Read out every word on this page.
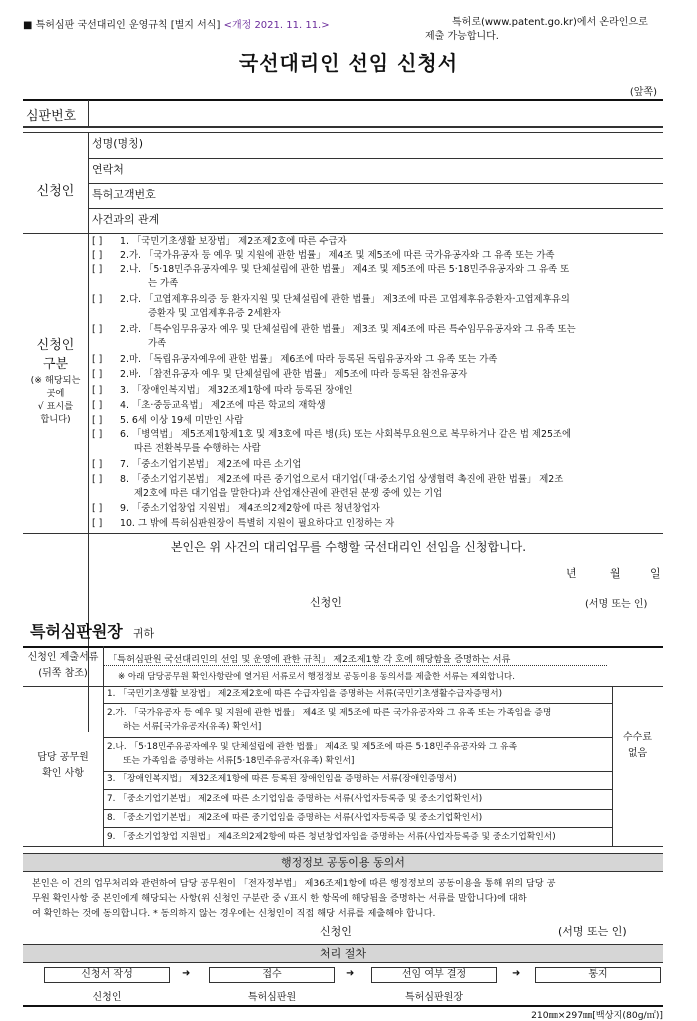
■ 특허심판 국선대리인 운영규칙 [별지 서식] <개정 2021. 11. 11.>	특허로(www.patent.go.kr)에서 온라인으로
제출 가능합니다.
국선대리인 선임 신청서
(앞쪽)
심판번호
신청인
성명(명칭)
연락처
특허고객번호
사건과의 관계
신청인
구분
(※ 해당되는
곳에
√ 표시를
합니다)
[ ] 1. 「국민기초생활 보장법」 제2조제2호에 따른 수급자
[ ] 2.가. 「국가유공자 등 예우 및 지원에 관한 법률」 제4조 및 제5조에 따른 국가유공자와 그 유족 또는 가족
[ ] 2.나. 「5·18민주유공자예우 및 단체설립에 관한 법률」 제4조 및 제5조에 따른 5·18민주유공자와 그 유족 또
는 가족
[ ] 2.다. 「고엽제후유의증 등 환자지원 및 단체설립에 관한 법률」 제3조에 따른 고엽제후유증환자·고엽제후유의
증환자 및 고엽제후유증 2세환자
[ ] 2.라. 「특수임무유공자 예우 및 단체설립에 관한 법률」 제3조 및 제4조에 따른 특수임무유공자와 그 유족 또는
가족
[ ] 2.마. 「독립유공자예우에 관한 법률」 제6조에 따라 등록된 독립유공자와 그 유족 또는 가족
[ ] 2.바. 「참전유공자 예우 및 단체설립에 관한 법률」 제5조에 따라 등록된 참전유공자
[ ] 3. 「장애인복지법」 제32조제1항에 따라 등록된 장애인
[ ] 4. 「초·중등교육법」 제2조에 따른 학교의 재학생
[ ] 5. 6세 이상 19세 미만인 사람
[ ] 6. 「병역법」 제5조제1항제1호 및 제3호에 따른 병(兵) 또는 사회복무요원으로 복무하거나 같은 법 제25조에
따른 전환복무를 수행하는 사람
[ ] 7. 「중소기업기본법」 제2조에 따른 소기업
[ ] 8. 「중소기업기본법」 제2조에 따른 중기업으로서 대기업(「대·중소기업 상생협력 촉진에 관한 법률」 제2조
제2호에 따른 대기업을 말한다)과 산업재산권에 관련된 분쟁 중에 있는 기업
[ ] 9. 「중소기업창업 지원법」 제4조의2제2항에 따른 청년창업자
[ ] 10. 그 밖에 특허심판원장이 특별히 지원이 필요하다고 인정하는 자
본인은 위 사건의 대리업무를 수행할 국선대리인 선임을 신청합니다.
년	월	일
신청인	(서명 또는 인)
특허심판원장 귀하
신청인 제출서류
(뒤쪽 참조)
「특허심판원 국선대리인의 선임 및 운영에 관한 규칙」 제2조제1항 각 호에 해당함을 증명하는 서류
※ 아래 담당공무원 확인사항란에 열거된 서류로서 행정정보 공동이용 동의서를 제출한 서류는 제외합니다.
담당 공무원
확인 사항
수수료
없음
1. 「국민기초생활 보장법」 제2조제2호에 따른 수급자임을 증명하는 서류(국민기초생활수급자증명서)
2.가. 「국가유공자 등 예우 및 지원에 관한 법률」 제4조 및 제5조에 따른 국가유공자와 그 유족 또는 가족임을 증명
하는 서류[국가유공자(유족) 확인서]
2.나. 「5·18민주유공자예우 및 단체설립에 관한 법률」 제4조 및 제5조에 따른 5·18민주유공자와 그 유족
또는 가족임을 증명하는 서류[5·18민주유공자(유족) 확인서]
3. 「장애인복지법」 제32조제1항에 따른 등록된 장애인임을 증명하는 서류(장애인증명서)
7. 「중소기업기본법」 제2조에 따른 소기업임을 증명하는 서류(사업자등록증 및 중소기업확인서)
8. 「중소기업기본법」 제2조에 따른 중기업임을 증명하는 서류(사업자등록증 및 중소기업확인서)
9. 「중소기업창업 지원법」 제4조의2제2항에 따른 청년창업자임을 증명하는 서류(사업자등록증 및 중소기업확인서)
행정정보 공동이용 동의서
본인은 이 건의 업무처리와 관련하여 담당 공무원이 「전자정부법」 제36조제1항에 따른 행정정보의 공동이용을 통해 위의 담당 공
무원 확인사항 중 본인에게 해당되는 사항(위 신청인 구분란 중 √표시 한 항목에 해당됨을 증명하는 서류를 말합니다)에 대하
여 확인하는 것에 동의합니다. * 동의하지 않는 경우에는 신청인이 직접 해당 서류를 제출해야 합니다.
신청인	(서명 또는 인)
처리 절차
신청서 작성	➜	접수	➜	선임 여부 결정	➜	통지
신청인	특허심판원	특허심판원장
210㎜×297㎜[백상지(80g/㎡)]
